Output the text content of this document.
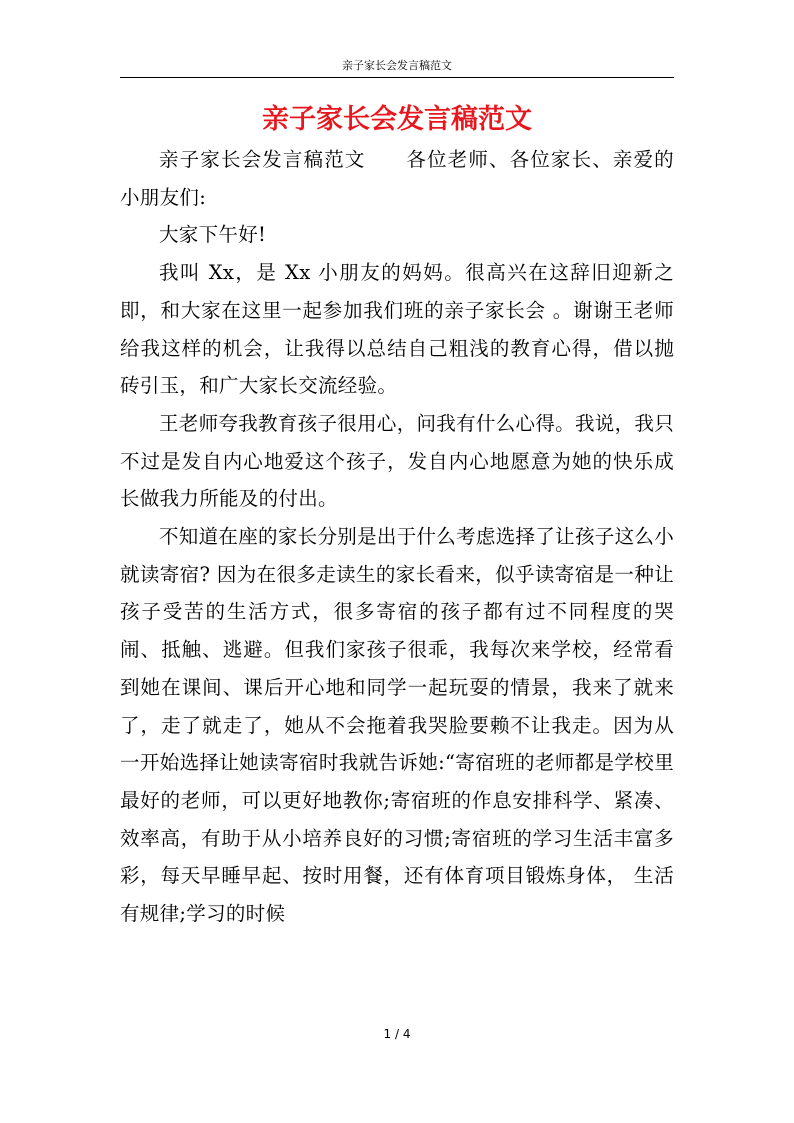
亲子家长会发言稿范文
亲子家长会发言稿范文

亲子家长会发言稿范文 各位老师、各位家长、亲爱的小朋友们:

大家下午好!

我叫 Xx，是 Xx 小朋友的妈妈。很高兴在这辞旧迎新之即，和大家在这里一起参加我们班的亲子家长会 。谢谢王老师给我这样的机会，让我得以总结自己粗浅的教育心得，借以抛砖引玉，和广大家长交流经验。

王老师夸我教育孩子很用心，问我有什么心得。我说，我只不过是发自内心地爱这个孩子，发自内心地愿意为她的快乐成长做我力所能及的付出。

不知道在座的家长分别是出于什么考虑选择了让孩子这么小就读寄宿? 因为在很多走读生的家长看来，似乎读寄宿是一种让孩子受苦的生活方式，很多寄宿的孩子都有过不同程度的哭闹、抵触、逃避。但我们家孩子很乖，我每次来学校，经常看到她在课间、课后开心地和同学一起玩耍的情景，我来了就来了，走了就走了，她从不会拖着我哭脸要赖不让我走。因为从一开始选择让她读寄宿时我就告诉她:“寄宿班的老师都是学校里最好的老师，可以更好地教你;寄宿班的作息安排科学、紧凑、效率高，有助于从小培养良好的习惯;寄宿班的学习生活丰富多彩，每天早睡早起、按时用餐，还有体育项目锻炼身体， 生活有规律;学习的时候

1 / 4
